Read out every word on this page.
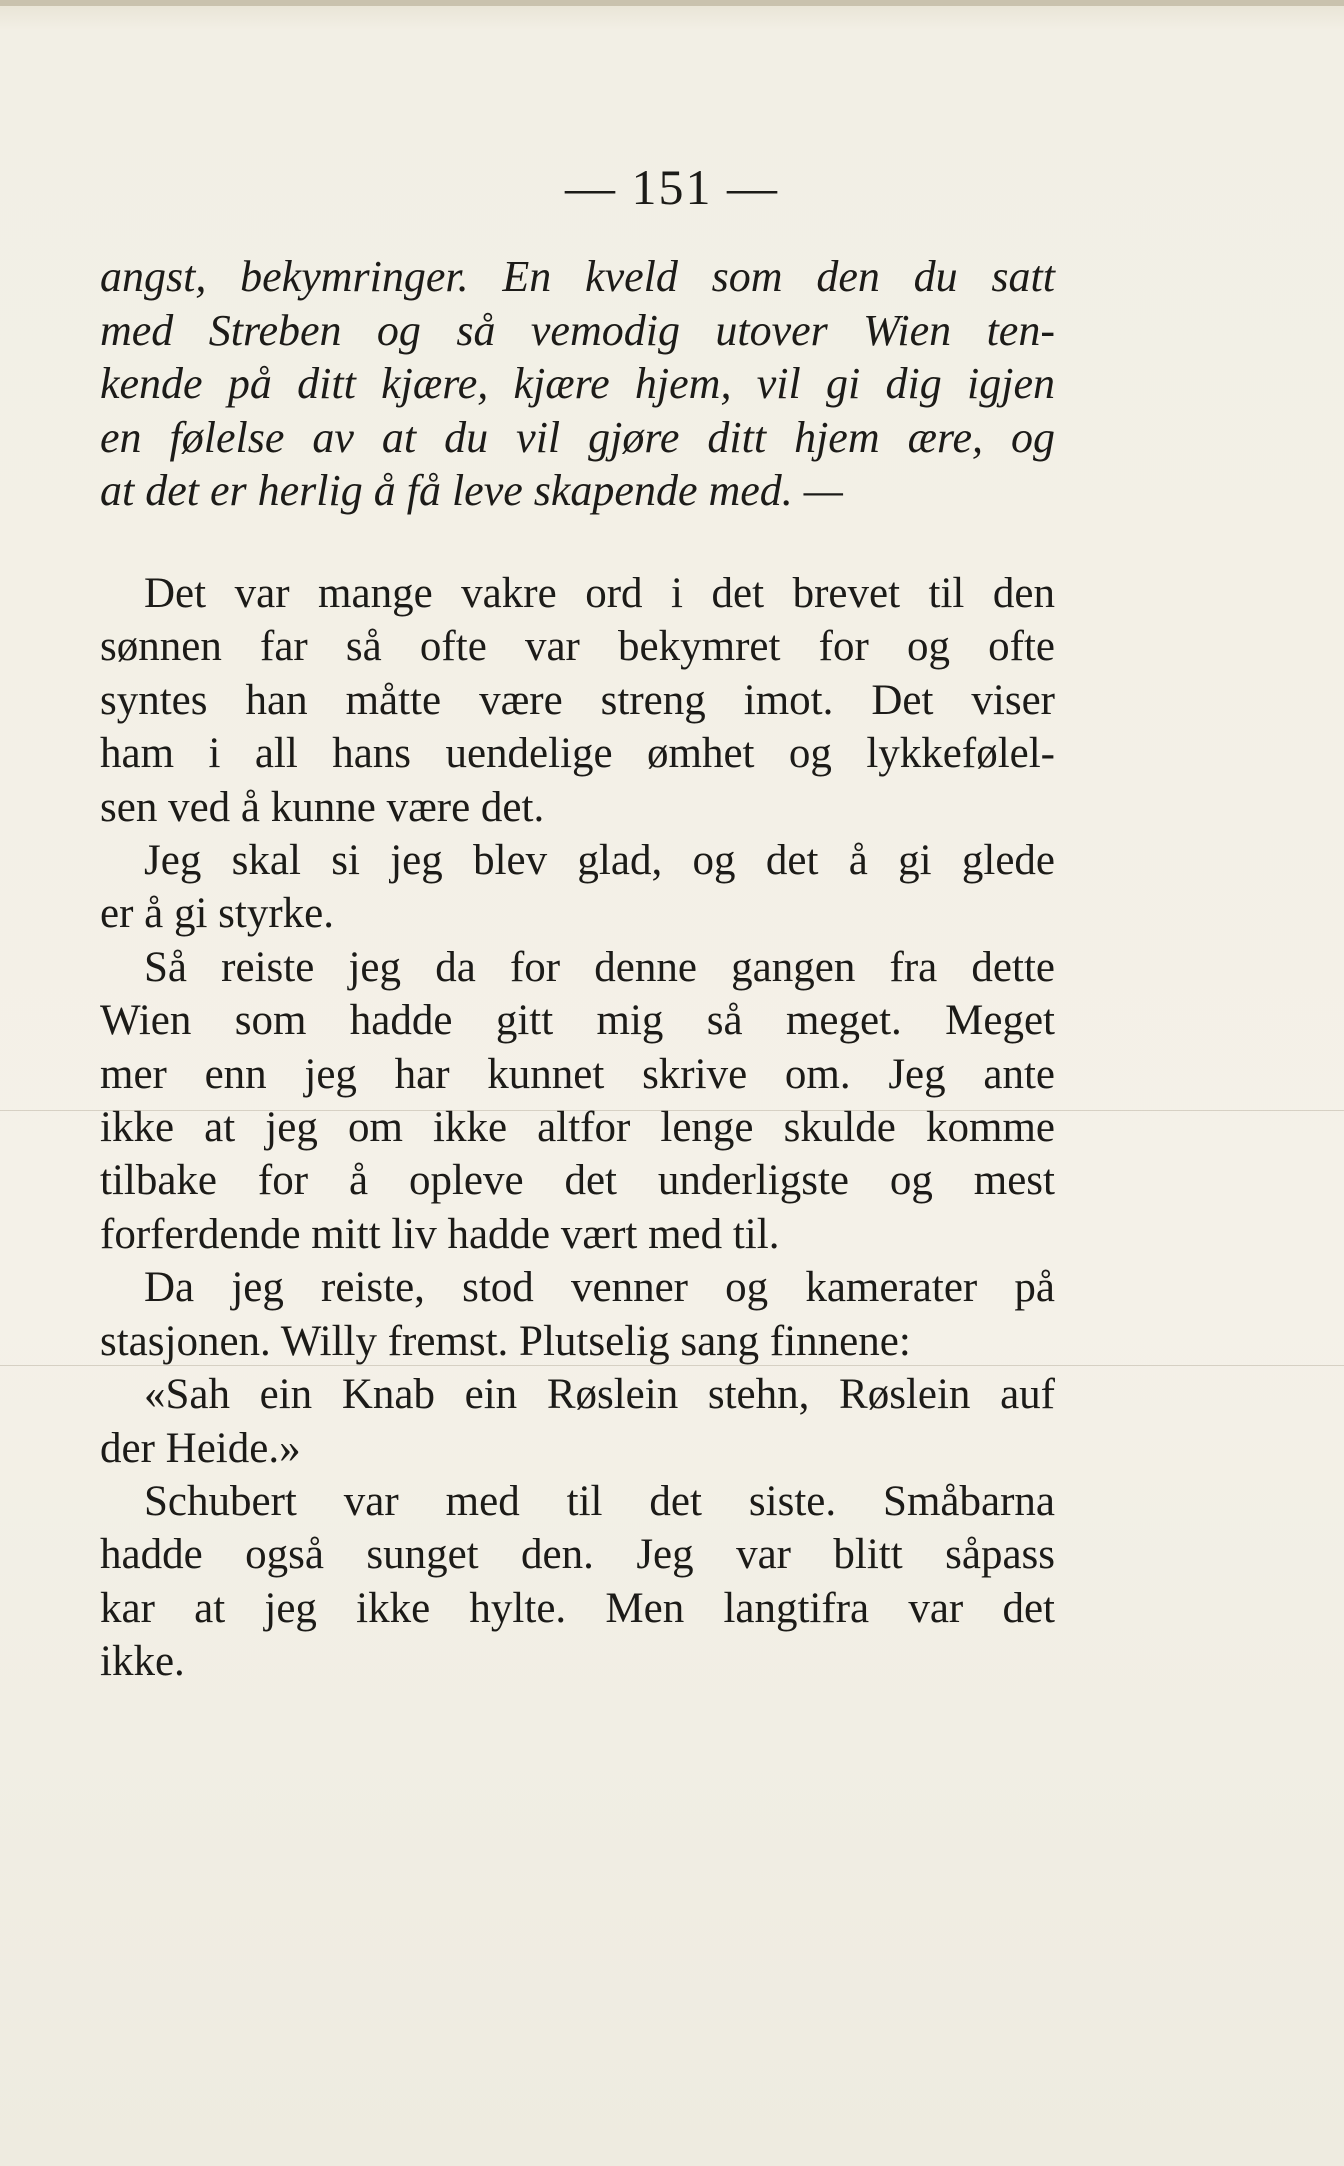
— 151 —
angst, bekymringer. En kveld som den du satt
med Streben og så vemodig utover Wien ten-
kende på ditt kjære, kjære hjem, vil gi dig igjen
en følelse av at du vil gjøre ditt hjem ære, og
at det er herlig å få leve skapende med. —
Det var mange vakre ord i det brevet til den
sønnen far så ofte var bekymret for og ofte
syntes han måtte være streng imot. Det viser
ham i all hans uendelige ømhet og lykkefølel-
sen ved å kunne være det.
Jeg skal si jeg blev glad, og det å gi glede
er å gi styrke.
Så reiste jeg da for denne gangen fra dette
Wien som hadde gitt mig så meget. Meget
mer enn jeg har kunnet skrive om. Jeg ante
ikke at jeg om ikke altfor lenge skulde komme
tilbake for å opleve det underligste og mest
forferdende mitt liv hadde vært med til.
Da jeg reiste, stod venner og kamerater på
stasjonen. Willy fremst. Plutselig sang finnene:
«Sah ein Knab ein Røslein stehn, Røslein auf
der Heide.»
Schubert var med til det siste. Småbarna
hadde også sunget den. Jeg var blitt såpass
kar at jeg ikke hylte. Men langtifra var det
ikke.
